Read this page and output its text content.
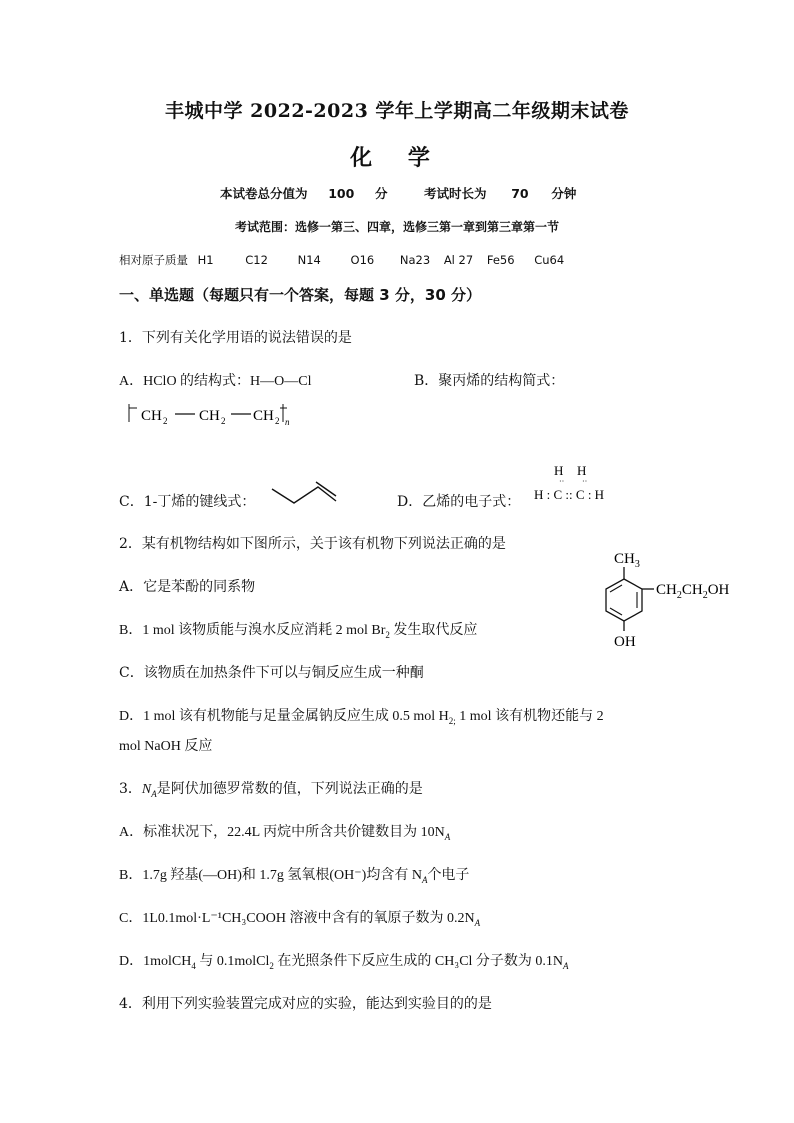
丰城中学 2022-2023 学年上学期高二年级期末试卷
化 学
本试卷总分值为 100 分	考试时长为 70 分钟
考试范围：选修一第三、四章，选修三第一章到第三章第一节
相对原子质量 H1	C12	N14	O16 Na23 Al 27 Fe56 Cu64
一、单选题（每题只有一个答案，每题 3 分，30 分）
1．下列有关化学用语的说法错误的是
A．HClO 的结构式：H—O—Cl	B．聚丙烯的结构简式：
CH 2 CH 2 CH 2 n
C．1-丁烯的键线式：	D．乙烯的电子式：
H H
·· ··
H : C :: C : H
2．某有机物结构如下图所示，关于该有机物下列说法正确的是
A．它是苯酚的同系物
B．1 mol 该物质能与溴水反应消耗 2 mol $Br_2$ 发生取代反应
C．该物质在加热条件下可以与铜反应生成一种酮
D．1 mol 该有机物能与足量金属钠反应生成 0.5 mol $H_{2;}$ 1 mol 该有机物还能与 2
mol NaOH 反应
$CH_3$
$CH_2CH_2OH$
OH
3．$N_A$是阿伏加德罗常数的值，下列说法正确的是
A．标准状况下，22.4L 丙烷中所含共价键数目为 $10N_A$
B．1.7g 羟基(—OH)和 1.7g 氢氧根(OH⁻)均含有 $N_A$个电子
C．1L0.1mol·L⁻¹CH₃COOH 溶液中含有的氧原子数为 $0.2N_A$
D．1molCH$_4$ 与 0.1molCl$_2$ 在光照条件下反应生成的 CH₃Cl 分子数为 $0.1N_A$
4．利用下列实验装置完成对应的实验，能达到实验目的的是
